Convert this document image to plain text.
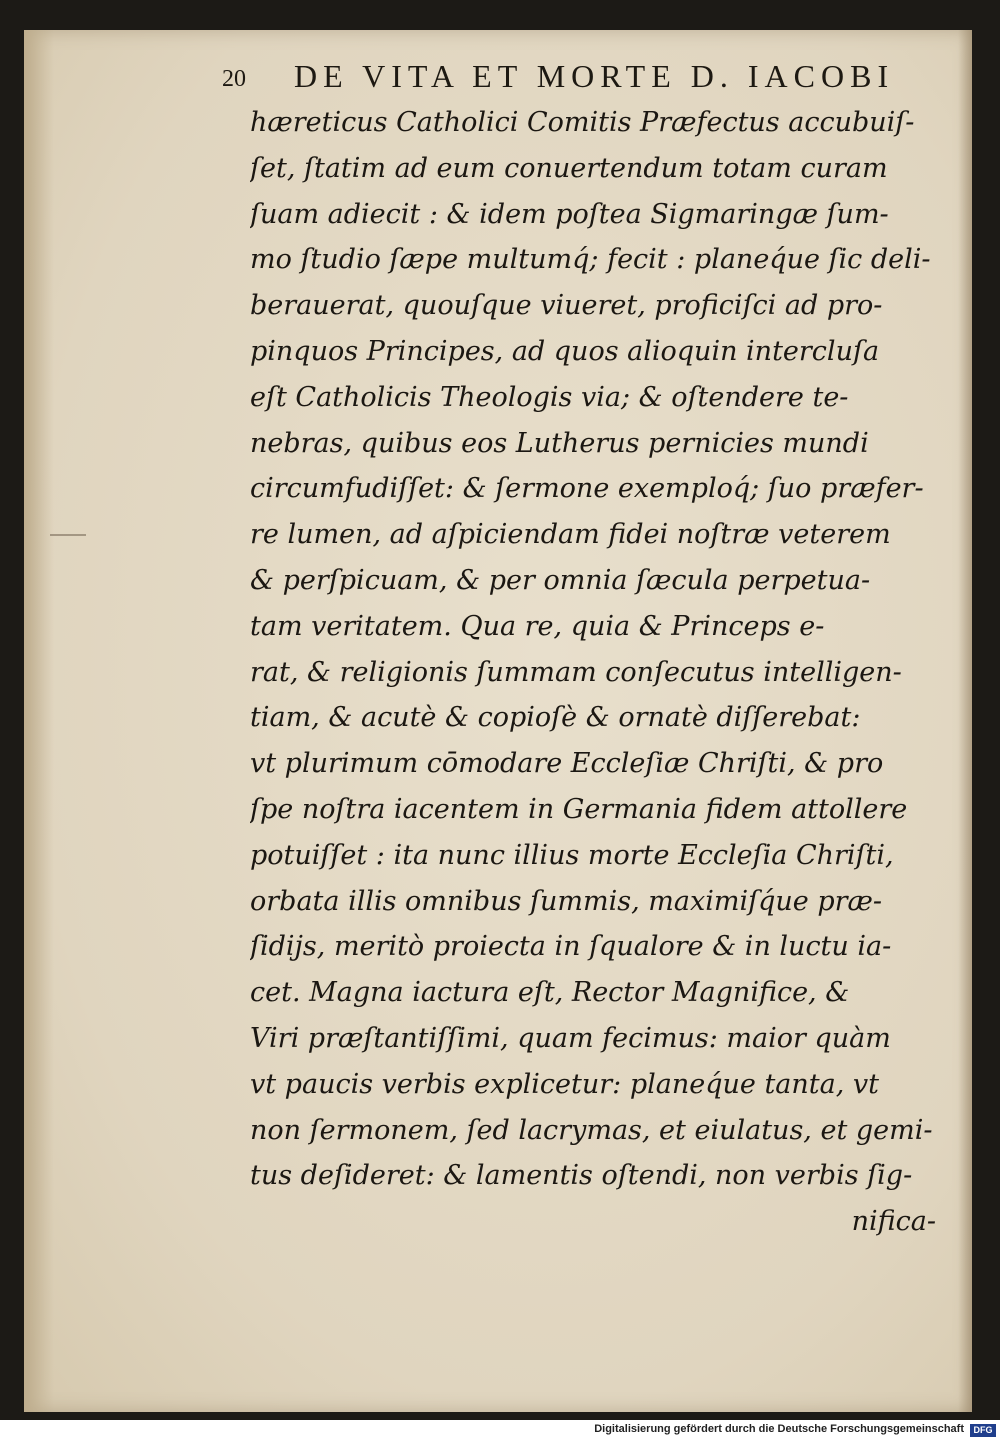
20 DE VITA ET MORTE D. IACOBI
hæreticus Catholici Comitis Præfectus accubuiſ-
ſet, ſtatim ad eum conuertendum totam curam
ſuam adiecit : & idem poſtea Sigmaringæ ſum-
mo ſtudio ſæpe multumq́; fecit : planeq́ue ſic deli-
berauerat, quouſque viueret, proficiſci ad pro-
pinquos Principes, ad quos alioquin intercluſa
eſt Catholicis Theologis via; & oſtendere te-
nebras, quibus eos Lutherus pernicies mundi
circumfudiſſet: & ſermone exemploq́; ſuo præfer-
re lumen, ad aſpiciendam fidei noſtræ veterem
& perſpicuam, & per omnia ſæcula perpetua-
tam veritatem. Qua re, quia & Princeps e-
rat, & religionis ſummam conſecutus intelligen-
tiam, & acutè & copioſè & ornatè diſſerebat:
vt plurimum cōmodare Eccleſiæ Chriſti, & pro
ſpe noſtra iacentem in Germania fidem attollere
potuiſſet : ita nunc illius morte Eccleſia Chriſti,
orbata illis omnibus ſummis, maximiſq́ue præ-
ſidijs, meritò proiecta in ſqualore & in luctu ia-
cet. Magna iactura eſt, Rector Magnifice, &
Viri præſtantiſſimi, quam fecimus: maior quàm
vt paucis verbis explicetur: planeq́ue tanta, vt
non ſermonem, ſed lacrymas, et eiulatus, et gemi-
tus deſideret: & lamentis oſtendi, non verbis ſig-
nifica-
Digitalisierung gefördert durch die Deutsche Forschungsgemeinschaft	DFG
